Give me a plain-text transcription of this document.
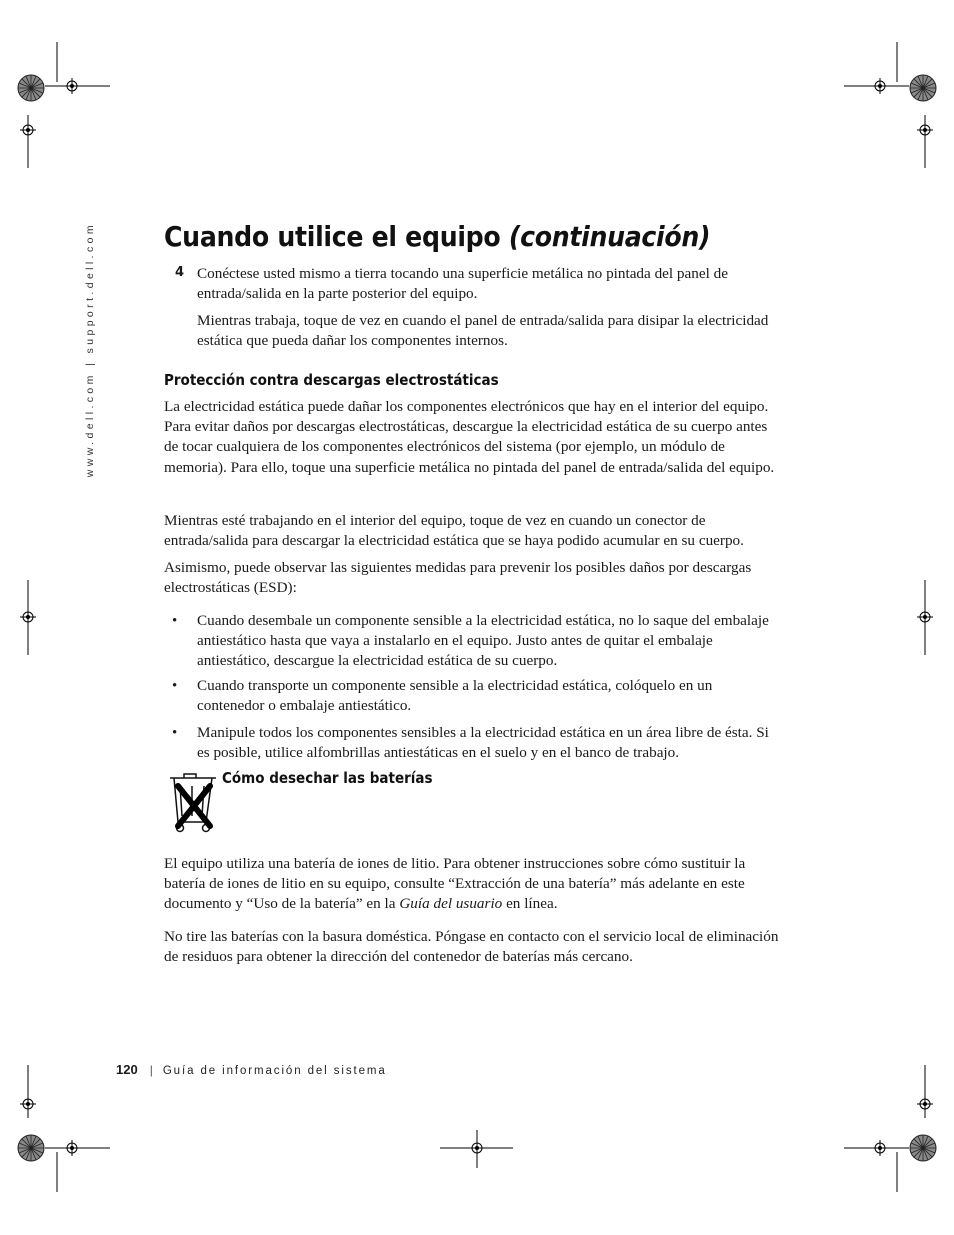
www.dell.com | support.dell.com Cuando utilice el equipo (continuación)
4 Conéctese usted mismo a tierra tocando una superficie metálica no pintada del panel de entrada/salida en la parte posterior del equipo.

Mientras trabaja, toque de vez en cuando el panel de entrada/salida para disipar la electricidad estática que pueda dañar los componentes internos.

Protección contra descargas electrostáticas

La electricidad estática puede dañar los componentes electrónicos que hay en el interior del equipo. Para evitar daños por descargas electrostáticas, descargue la electricidad estática de su cuerpo antes de tocar cualquiera de los componentes electrónicos del sistema (por ejemplo, un módulo de memoria). Para ello, toque una superficie metálica no pintada del panel de entrada/salida del equipo.

Mientras esté trabajando en el interior del equipo, toque de vez en cuando un conector de entrada/salida para descargar la electricidad estática que se haya podido acumular en su cuerpo.

Asimismo, puede observar las siguientes medidas para prevenir los posibles daños por descargas electrostáticas (ESD):

• Cuando desembale un componente sensible a la electricidad estática, no lo saque del embalaje antiestático hasta que vaya a instalarlo en el equipo. Justo antes de quitar el embalaje antiestático, descargue la electricidad estática de su cuerpo.

• Cuando transporte un componente sensible a la electricidad estática, colóquelo en un contenedor o embalaje antiestático.

• Manipule todos los componentes sensibles a la electricidad estática en un área libre de ésta. Si es posible, utilice alfombrillas antiestáticas en el suelo y en el banco de trabajo.

Cómo desechar las baterías

El equipo utiliza una batería de iones de litio. Para obtener instrucciones sobre cómo sustituir la batería de iones de litio en su equipo, consulte “Extracción de una batería” más adelante en este documento y “Uso de la batería” en la Guía del usuario en línea.

No tire las baterías con la basura doméstica. Póngase en contacto con el servicio local de eliminación de residuos para obtener la dirección del contenedor de baterías más cercano.

120 | Guía de información del sistema
